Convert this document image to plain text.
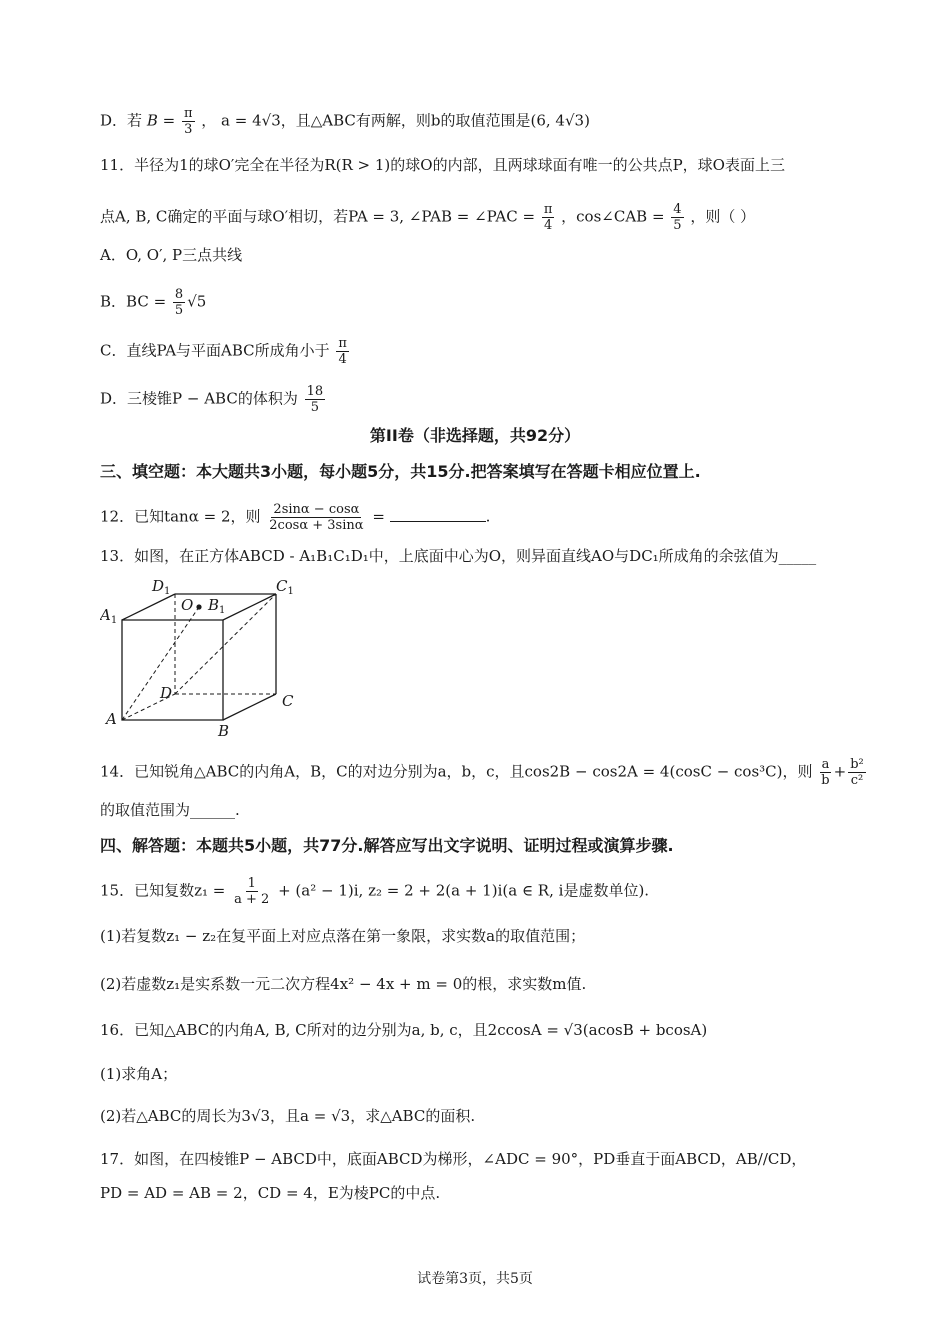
D．若 $B = \frac{\pi}{3}$ ， a = 4√3，且△ABC有两解，则b的取值范围是(6, 4√3)
11．半径为1的球O′完全在半径为R(R > 1)的球O的内部，且两球球面有唯一的公共点P，球O表面上三
点A, B, C确定的平面与球O′相切，若PA = 3, ∠PAB = ∠PAC = $\frac{\pi}{4}$ ，cos∠CAB = $\frac{4}{5}$ ，则（ ）
A．O, O′, P三点共线
B．BC = $\frac{8}{5} √5$
C．直线PA与平面ABC所成角小于 $\frac{\pi}{4}$
D．三棱锥P − ABC的体积为 $\frac{18}{5}$
第II卷（非选择题，共92分）
三、填空题：本大题共3小题，每小题5分，共15分.把答案填写在答题卡相应位置上.
12．已知tanα = 2，则 $\frac{2\sin\alpha - \cos\alpha}{2\cos\alpha + 3\sin\alpha}$ =	.
13．如图，在正方体ABCD - A₁B₁C₁D₁中，上底面中心为O，则异面直线AO与DC₁所成角的余弦值为_____
$D_1$	$C_1$
$A_1$
O $B_1$
D	C
A
B
14．已知锐角△ABC的内角A，B，C的对边分别为a，b，c，且cos2B − cos2A = 4(cosC − cos³C)，则 $\frac{a}{b} + \frac{\text{b²}}{\text{c²}}$
的取值范围为______.
四、解答题：本题共5小题，共77分.解答应写出文字说明、证明过程或演算步骤.
15．已知复数$z_1 = \frac{1}{a + 2} + (a^2 - 1)i$, z₂ = 2 + 2(a + 1)i(a ∈ R, i是虚数单位).
(1)若复数z₁ − z₂在复平面上对应点落在第一象限，求实数a的取值范围；
(2)若虚数z₁是实系数一元二次方程4x² − 4x + m = 0的根，求实数m值.
16．已知△ABC的内角A, B, C所对的边分别为a, b, c，且2ccosA = √3(acosB + bcosA)
(1)求角A；
(2)若△ABC的周长为3√3，且a = √3，求△ABC的面积.
17．如图，在四棱锥P − ABCD中，底面ABCD为梯形，∠ADC = 90°，PD垂直于面ABCD，AB//CD，
PD = AD = AB = 2，CD = 4，E为棱PC的中点.
试卷第3页，共5页
